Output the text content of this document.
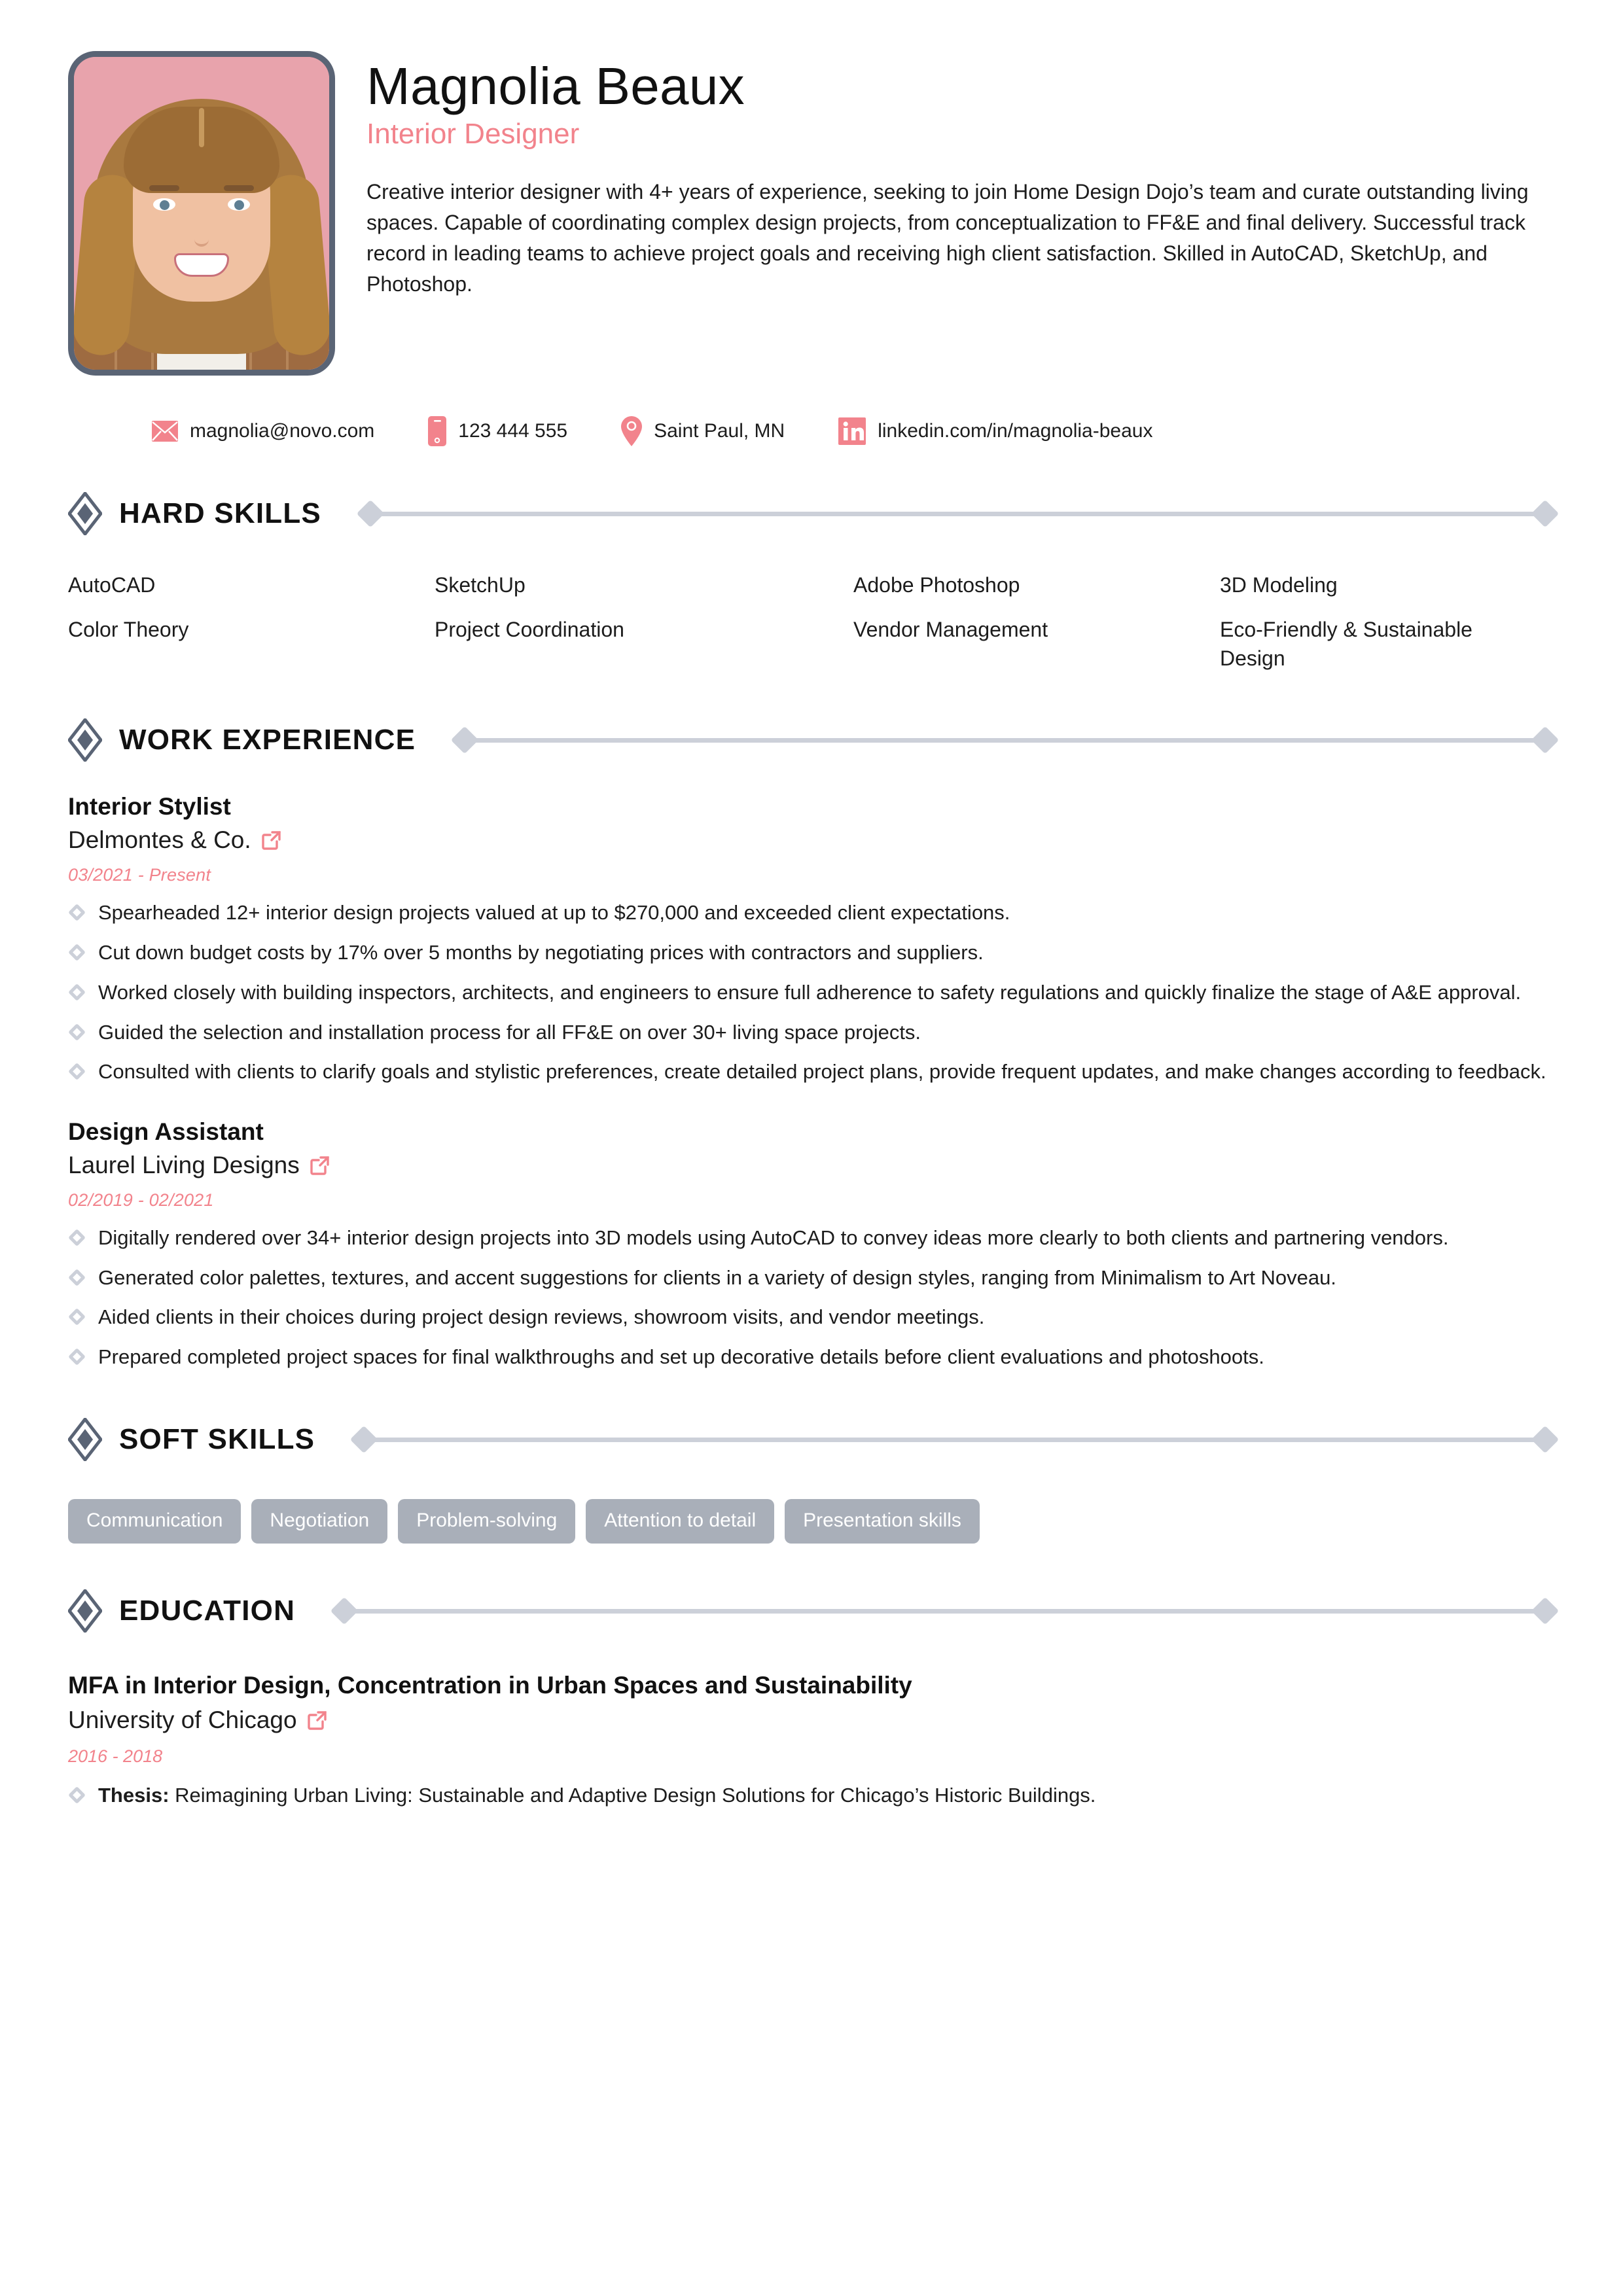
Magnolia Beaux
Interior Designer
Creative interior designer with 4+ years of experience, seeking to join Home Design Dojo’s team and curate outstanding living spaces. Capable of coordinating complex design projects, from conceptualization to FF&E and final delivery. Successful track record in leading teams to achieve project goals and receiving high client satisfaction. Skilled in AutoCAD, SketchUp, and Photoshop.
magnolia@novo.com	123 444 555	Saint Paul, MN	linkedin.com/in/magnolia-beaux
HARD SKILLS
AutoCAD	SketchUp	Adobe Photoshop	3D Modeling
Color Theory	Project Coordination	Vendor Management	Eco-Friendly & Sustainable Design
WORK EXPERIENCE
Interior Stylist
Delmontes & Co.
03/2021 - Present
Spearheaded 12+ interior design projects valued at up to $270,000 and exceeded client expectations.
Cut down budget costs by 17% over 5 months by negotiating prices with contractors and suppliers.
Worked closely with building inspectors, architects, and engineers to ensure full adherence to safety regulations and quickly finalize the stage of A&E approval.
Guided the selection and installation process for all FF&E on over 30+ living space projects.
Consulted with clients to clarify goals and stylistic preferences, create detailed project plans, provide frequent updates, and make changes according to feedback.
Design Assistant
Laurel Living Designs
02/2019 - 02/2021
Digitally rendered over 34+ interior design projects into 3D models using AutoCAD to convey ideas more clearly to both clients and partnering vendors.
Generated color palettes, textures, and accent suggestions for clients in a variety of design styles, ranging from Minimalism to Art Noveau.
Aided clients in their choices during project design reviews, showroom visits, and vendor meetings.
Prepared completed project spaces for final walkthroughs and set up decorative details before client evaluations and photoshoots.
SOFT SKILLS
Communication	Negotiation	Problem-solving	Attention to detail	Presentation skills
EDUCATION
MFA in Interior Design, Concentration in Urban Spaces and Sustainability
University of Chicago
2016 - 2018
Thesis: Reimagining Urban Living: Sustainable and Adaptive Design Solutions for Chicago’s Historic Buildings.
